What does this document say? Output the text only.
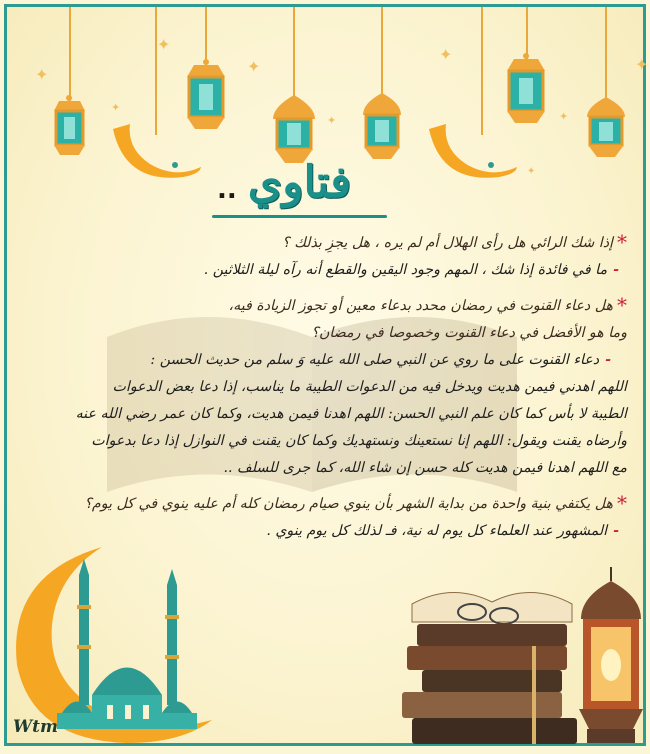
✦
✦
✦
✦
✦
✦
✦	✦
✦
فتاوي
..

*إذا شك الرائي هل رأى الهلال أم لم يره ، هل يجزِ بذلك ؟

-ما في فائدة إذا شك ، المهم وجود اليقين والقطع أنه رآه ليلة الثلاثين .

*هل دعاء القنوت في رمضان محدد بدعاء معين أو تجوز الزيادة فيه،

وما هو الأفضل في دعاء القنوت وخصوصا في رمضان؟

-دعاء القنوت على ما روي عن النبي صلى الله عليه وَ سلم من حديث الحسن :

اللهم اهدني فيمن هديت ويدخل فيه من الدعوات الطيبة ما يناسب، إذا دعا بعض الدعوات

الطيبة لا بأس كما كان علم النبي الحسن: اللهم اهدنا فيمن هديت، وكما كان عمر رضي الله عنه

وأرضاه يقنت ويقول: اللهم إنا نستعينك ونستهديك وكما كان يقنت في النوازل إذا دعا بدعوات

مع اللهم اهدنا فيمن هديت كله حسن إن شاء الله، كما جرى للسلف ..

*هل يكتفي بنية واحدة من بداية الشهر بأن ينوي صيام رمضان كله أم عليه ينوي في كل يوم؟

-المشهور عند العلماء كل يوم له نية، فـ لذلك كل يوم ينوي .

Wtm
